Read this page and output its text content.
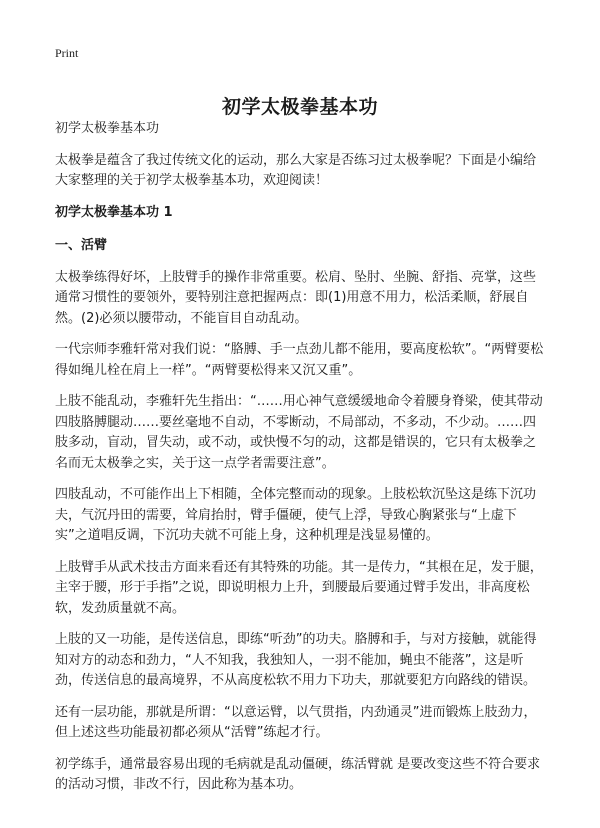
Print
初学太极拳基本功

初学太极拳基本功

太极拳是蕴含了我过传统文化的运动，那么大家是否练习过太极拳呢？下面是小编给大家整理的关于初学太极拳基本功，欢迎阅读！

初学太极拳基本功 1
一、活臂

太极拳练得好坏，上肢臂手的操作非常重要。松肩、坠肘、坐腕、舒指、亮掌，这些通常习惯性的要领外，要特别注意把握两点：即(1)用意不用力，松活柔顺，舒展自然。(2)必须以腰带动，不能盲目自动乱动。

一代宗师李雅轩常对我们说：“胳膊、手一点劲儿都不能用，要高度松软”。“两臂要松得如绳儿栓在肩上一样”。“两臂要松得来又沉又重”。

上肢不能乱动，李雅轩先生指出：“……用心神气意缓缓地命令着腰身脊梁，使其带动四肢胳膊腿动……要丝毫地不自动，不零断动，不局部动，不多动，不少动。……四肢多动，盲动，冒失动，或不动，或快慢不匀的动，这都是错误的，它只有太极拳之名而无太极拳之实，关于这一点学者需要注意”。

四肢乱动，不可能作出上下相随，全体完整而动的现象。上肢松软沉坠这是练下沉功夫，气沉丹田的需要，耸肩抬肘，臂手僵硬，使气上浮，导致心胸紧张与“上虚下实”之道唱反调，下沉功夫就不可能上身，这种机理是浅显易懂的。

上肢臂手从武术技击方面来看还有其特殊的功能。其一是传力，“其根在足，发于腿，主宰于腰，形于手指”之说，即说明根力上升，到腰最后要通过臂手发出，非高度松软，发劲质量就不高。

上肢的又一功能，是传送信息，即练“听劲”的功夫。胳膊和手，与对方接触，就能得知对方的动态和劲力，“人不知我，我独知人，一羽不能加，蝇虫不能落”，这是听劲，传送信息的最高境界，不从高度松软不用力下功夫，那就要犯方向路线的错误。

还有一层功能，那就是所谓：“以意运臂，以气贯指，内劲通灵”进而锻炼上肢劲力，但上述这些功能最初都必须从“活臂”练起才行。

初学练手，通常最容易出现的毛病就是乱动僵硬，练活臂就 是要改变这些不符合要求的活动习惯，非改不行，因此称为基本功。
